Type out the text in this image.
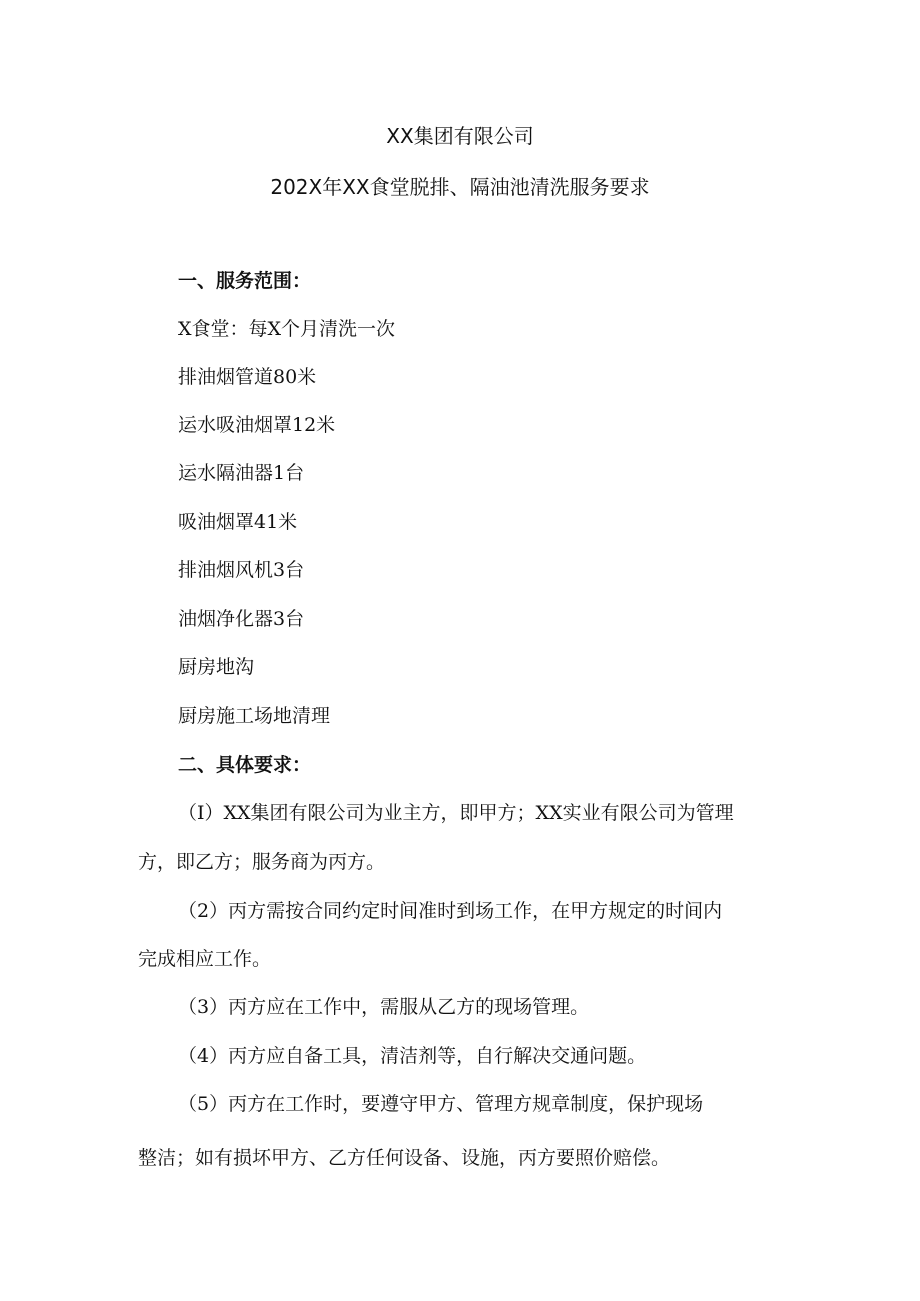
XX集团有限公司
202X年XX食堂脱排、隔油池清洗服务要求
一、服务范围：
X食堂：每X个月清洗一次
排油烟管道80米
运水吸油烟罩12米
运水隔油器1台
吸油烟罩41米
排油烟风机3台
油烟净化器3台
厨房地沟
厨房施工场地清理
二、具体要求：
（I）XX集团有限公司为业主方，即甲方；XX实业有限公司为管理
方，即乙方；服务商为丙方。
（2）丙方需按合同约定时间准时到场工作，在甲方规定的时间内
完成相应工作。
（3）丙方应在工作中，需服从乙方的现场管理。
（4）丙方应自备工具，清洁剂等，自行解决交通问题。
（5）丙方在工作时，要遵守甲方、管理方规章制度，保护现场
整洁；如有损坏甲方、乙方任何设备、设施，丙方要照价赔偿。
